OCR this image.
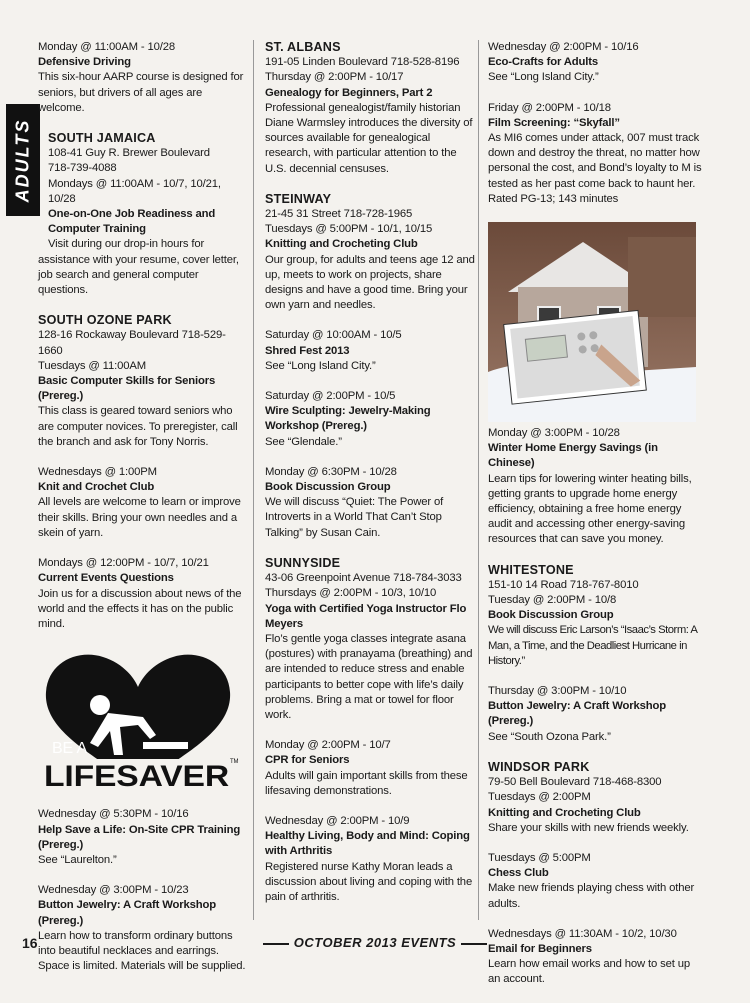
ADULTS

Monday @ 11:00AM - 10/28

Defensive Driving

This six-hour AARP course is designed for seniors, but drivers of all ages are welcome.

SOUTH JAMAICA

108-41 Guy R. Brewer Boulevard

718-739-4088

Mondays @ 11:00AM - 10/7, 10/21, 10/28

One-on-One Job Readiness and Computer Training

Visit during our drop-in hours for assistance with your resume, cover letter, job search and general computer questions.

SOUTH OZONE PARK

128-16 Rockaway Boulevard 718-529-1660

Tuesdays @ 11:00AM

Basic Computer Skills for Seniors (Prereg.)

This class is geared toward seniors who are computer novices. To preregister, call the branch and ask for Tony Norris.

Wednesdays @ 1:00PM

Knit and Crochet Club

All levels are welcome to learn or improve their skills. Bring your own needles and a skein of yarn.

Mondays @ 12:00PM - 10/7, 10/21

Current Events Questions

Join us for a discussion about news of the world and the effects it has on the public mind.

BE A
LIFESAVER TM

Wednesday @ 5:30PM - 10/16

Help Save a Life: On-Site CPR Training (Prereg.)

See “Laurelton.”

Wednesday @ 3:00PM - 10/23

Button Jewelry: A Craft Workshop (Prereg.)

Learn how to transform ordinary buttons into beautiful necklaces and earrings. Space is limited. Materials will be supplied.

ST. ALBANS

191-05 Linden Boulevard 718-528-8196

Thursday @ 2:00PM - 10/17

Genealogy for Beginners, Part 2

Professional genealogist/family historian Diane Warmsley introduces the diversity of sources available for genealogical research, with particular attention to the U.S. decennial censuses.

STEINWAY

21-45 31 Street 718-728-1965

Tuesdays @ 5:00PM - 10/1, 10/15

Knitting and Crocheting Club

Our group, for adults and teens age 12 and up, meets to work on projects, share designs and have a good time. Bring your own yarn and needles.

Saturday @ 10:00AM - 10/5

Shred Fest 2013

See “Long Island City.”

Saturday @ 2:00PM - 10/5

Wire Sculpting: Jewelry-Making Workshop (Prereg.)

See “Glendale.”

Monday @ 6:30PM - 10/28

Book Discussion Group

We will discuss “Quiet: The Power of Introverts in a World That Can’t Stop Talking” by Susan Cain.

SUNNYSIDE

43-06 Greenpoint Avenue 718-784-3033

Thursdays @ 2:00PM - 10/3, 10/10

Yoga with Certified Yoga Instructor Flo Meyers

Flo’s gentle yoga classes integrate asana (postures) with pranayama (breathing) and are intended to reduce stress and enable participants to better cope with life’s daily problems. Bring a mat or towel for floor work.

Monday @ 2:00PM - 10/7

CPR for Seniors

Adults will gain important skills from these lifesaving demonstrations.

Wednesday @ 2:00PM - 10/9

Healthy Living, Body and Mind: Coping with Arthritis

Registered nurse Kathy Moran leads a discussion about living and coping with the pain of arthritis.

Wednesday @ 2:00PM - 10/16

Eco-Crafts for Adults

See “Long Island City.”

Friday @ 2:00PM - 10/18

Film Screening: “Skyfall”

As MI6 comes under attack, 007 must track down and destroy the threat, no matter how personal the cost, and Bond’s loyalty to M is tested as her past come back to haunt her. Rated PG-13; 143 minutes

Monday @ 3:00PM - 10/28

Winter Home Energy Savings (in Chinese)

Learn tips for lowering winter heating bills, getting grants to upgrade home energy efficiency, obtaining a free home energy audit and accessing other energy-saving resources that can save you money.

WHITESTONE

151-10 14 Road 718-767-8010

Tuesday @ 2:00PM - 10/8

Book Discussion Group

We will discuss Eric Larson’s “Isaac’s Storm: A Man, a Time, and the Deadliest Hurricane in History.”

Thursday @ 3:00PM - 10/10

Button Jewelry: A Craft Workshop (Prereg.)

See “South Ozona Park.”

WINDSOR PARK

79-50 Bell Boulevard 718-468-8300

Tuesdays @ 2:00PM

Knitting and Crocheting Club

Share your skills with new friends weekly.

Tuesdays @ 5:00PM

Chess Club

Make new friends playing chess with other adults.

Wednesdays @ 11:30AM - 10/2, 10/30

Email for Beginners

Learn how email works and how to set up an account.

16	OCTOBER 2013 EVENTS
